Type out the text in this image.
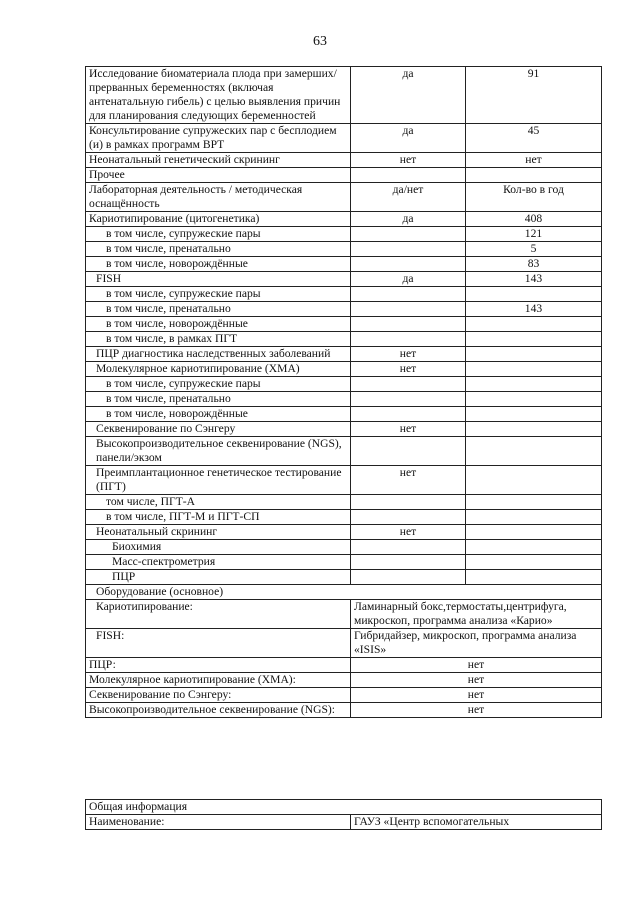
63
Исследование биоматериала плода при замерших/прерванных беременностях (включая антенатальную гибель) с целью выявления причин для планирования следующих беременностей	да	91
Консультирование супружеских пар с бесплодием (и) в рамках программ ВРТ	да	45
Неонатальный генетический скрининг	нет	нет
Прочее		
Лабораторная деятельность / методическая оснащённость	да/нет	Кол-во в год
Кариотипирование (цитогенетика)	да	408
в том числе, супружеские пары		121
в том числе, пренатально		5
в том числе, новорождённые		83
FISH	да	143
в том числе, супружеские пары		
в том числе, пренатально		143
в том числе, новорождённые		
в том числе, в рамках ПГТ		
ПЦР диагностика наследственных заболеваний	нет	
Молекулярное кариотипирование (ХМА)	нет	
в том числе, супружеские пары		
в том числе, пренатально		
в том числе, новорождённые		
Секвенирование по Сэнгеру	нет	
Высокопроизводительное секвенирование (NGS), панели/экзом		
Преимплантационное генетическое тестирование (ПГТ)	нет	
том числе, ПГТ-А		
в том числе, ПГТ-М и ПГТ-СП		
Неонатальный скрининг	нет	
Биохимия		
Масс-спектрометрия		
ПЦР		
Оборудование (основное)		
Кариотипирование:	Ламинарный бокс,термостаты,центрифуга, микроскоп, программа анализа «Карио»	
FISH:	Гибридайзер, микроскоп, программа анализа «ISIS»	
ПЦР:	нет	
Молекулярное кариотипирование (ХМА):	нет	
Секвенирование по Сэнгеру:	нет	
Высокопроизводительное секвенирование (NGS):	нет	
Общая информация
Наименование:	ГАУЗ «Центр вспомогательных
